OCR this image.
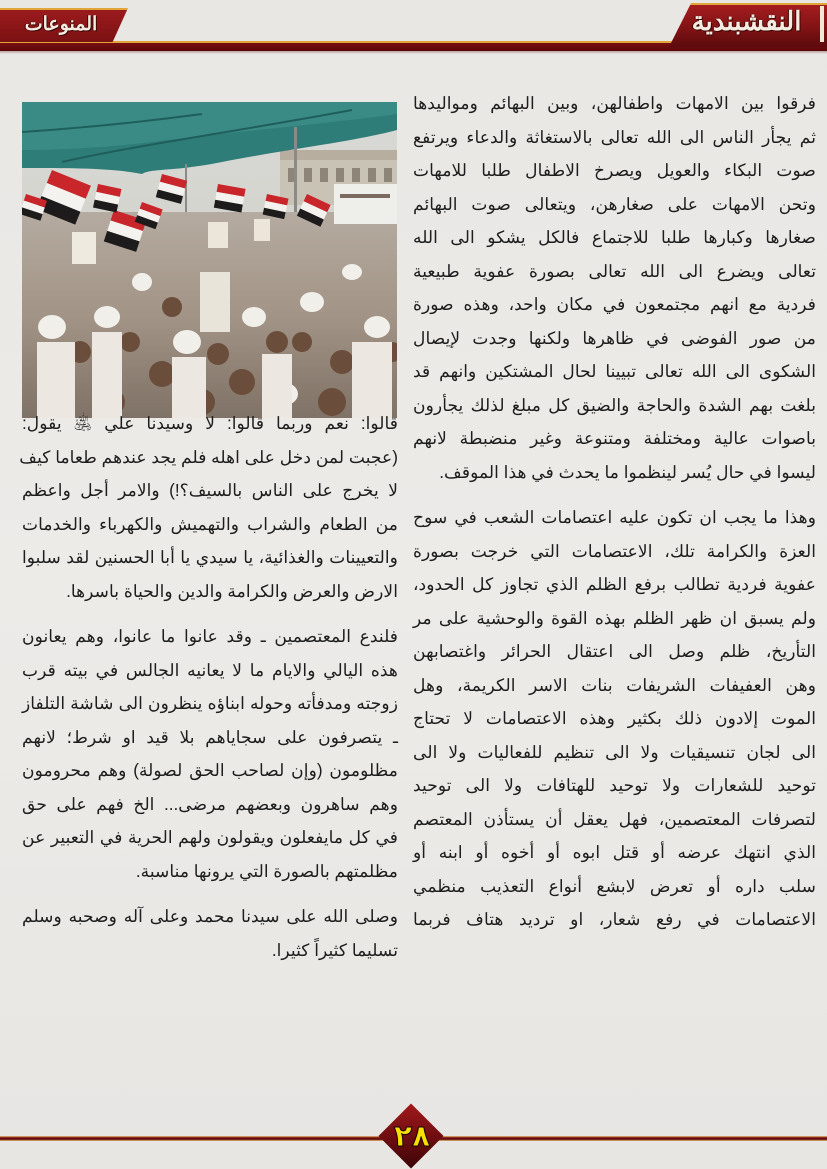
النقشبندية
المنوعات

فرقوا بين الامهات واطفالهن، وبين البهائم ومواليدها
ثم يجأر الناس الى الله تعالى بالاستغاثة والدعاء ويرتفع
صوت البكاء والعويل ويصرخ الاطفال طلبا للامهات
وتحن الامهات على صغارهن، ويتعالى صوت البهائم
صغارها وكبارها طلبا للاجتماع فالكل يشكو الى الله
تعالى ويضرع الى الله تعالى بصورة عفوية طبيعية
فردية مع انهم مجتمعون في مكان واحد، وهذه صورة
من صور الفوضى في ظاهرها ولكنها وجدت لإيصال
الشكوى الى الله تعالى تبيينا لحال المشتكين وانهم قد
بلغت بهم الشدة والحاجة والضيق كل مبلغ لذلك يجأرون
باصوات عالية ومختلفة ومتنوعة وغير منضبطة لانهم
ليسوا في حال يُسر لينظموا ما يحدث في هذا الموقف.

وهذا ما يجب ان تكون عليه اعتصامات الشعب في سوح
العزة والكرامة تلك، الاعتصامات التي خرجت بصورة
عفوية فردية تطالب برفع الظلم الذي تجاوز كل الحدود،
ولم يسبق ان ظهر الظلم بهذه القوة والوحشية على مر
التأريخ، ظلم وصل الى اعتقال الحرائر واغتصابهن
وهن العفيفات الشريفات بنات الاسر الكريمة، وهل
الموت إلادون ذلك بكثير وهذه الاعتصامات لا تحتاج
الى لجان تنسيقيات ولا الى تنظيم للفعاليات ولا الى
توحيد للشعارات ولا توحيد للهتافات ولا الى توحيد
لتصرفات المعتصمين، فهل يعقل أن يستأذن المعتصم
الذي انتهك عرضه أو قتل ابوه أو أخوه أو ابنه أو
سلب داره أو تعرض لابشع أنواع التعذيب منظمي
الاعتصامات في رفع شعار، او ترديد هتاف فربما

قالوا: نعم وربما قالوا: لا وسيدنا علي ﵁ يقول:
(عجبت لمن دخل على اهله فلم يجد عندهم طعاما كيف
لا يخرج على الناس بالسيف؟!) والامر أجل واعظم
من الطعام والشراب والتهميش والكهرباء والخدمات
والتعيينات والغذائية، يا سيدي يا أبا الحسنين لقد سلبوا
الارض والعرض والكرامة والدين والحياة باسرها.

فلندع المعتصمين ـ وقد عانوا ما عانوا، وهم يعانون
هذه اليالي والايام ما لا يعانيه الجالس في بيته قرب
زوجته ومدفأته وحوله ابناؤه ينظرون الى شاشة التلفاز
ـ يتصرفون على سجاياهم بلا قيد او شرط؛ لانهم
مظلومون (وإن لصاحب الحق لصولة) وهم محرومون
وهم ساهرون وبعضهم مرضى... الخ فهم على حق
في كل مايفعلون ويقولون ولهم الحرية في التعبير عن
مظلمتهم بالصورة التي يرونها مناسبة.

وصلى الله على سيدنا محمد وعلى آله وصحبه وسلم
تسليما كثيراً كثيرا.

٢٨
